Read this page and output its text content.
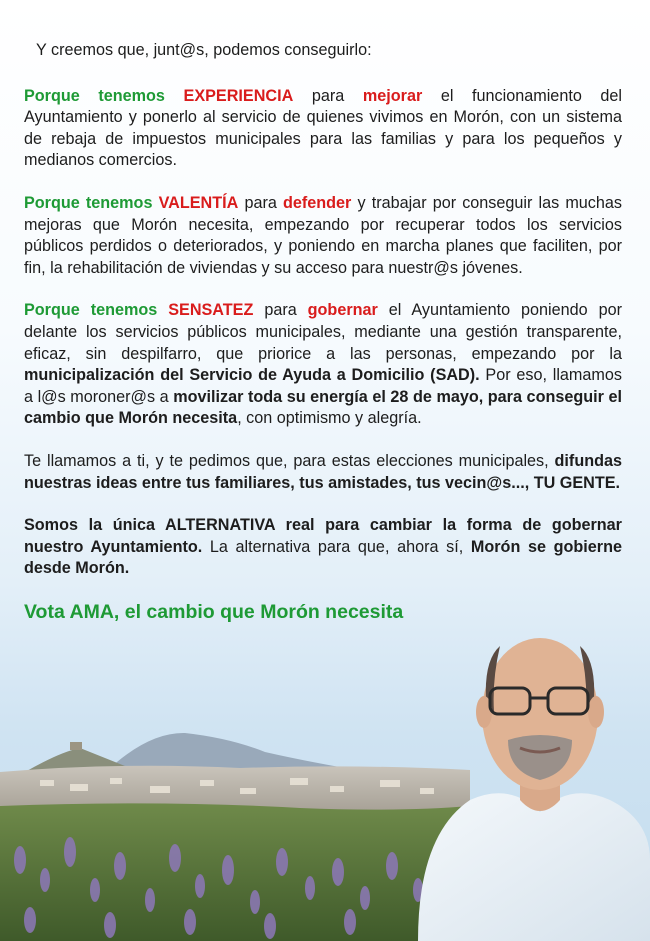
Y creemos que, junt@s, podemos conseguirlo:

Porque tenemos EXPERIENCIA para mejorar el funcionamiento del Ayuntamiento y ponerlo al servicio de quienes vivimos en Morón, con un sistema de rebaja de impuestos municipales para las familias y para los pequeños y medianos comercios.

Porque tenemos VALENTÍA para defender y trabajar por conseguir las muchas mejoras que Morón necesita, empezando por recuperar todos los servicios públicos perdidos o deteriorados, y poniendo en marcha planes que faciliten, por fin, la rehabilitación de viviendas y su acceso para nuestr@s jóvenes.

Porque tenemos SENSATEZ para gobernar el Ayuntamiento poniendo por delante los servicios públicos municipales, mediante una gestión transparente, eficaz, sin despilfarro, que priorice a las personas, empezando por la municipalización del Servicio de Ayuda a Domicilio (SAD). Por eso, llamamos a l@s moroner@s a movilizar toda su energía el 28 de mayo, para conseguir el cambio que Morón necesita, con optimismo y alegría.

Te llamamos a ti, y te pedimos que, para estas elecciones municipales, difundas nuestras ideas entre tus familiares, tus amistades, tus vecin@s..., TU GENTE.

Somos la única ALTERNATIVA real para cambiar la forma de gobernar nuestro Ayuntamiento. La alternativa para que, ahora sí, Morón se gobierne desde Morón.

Vota AMA, el cambio que Morón necesita
